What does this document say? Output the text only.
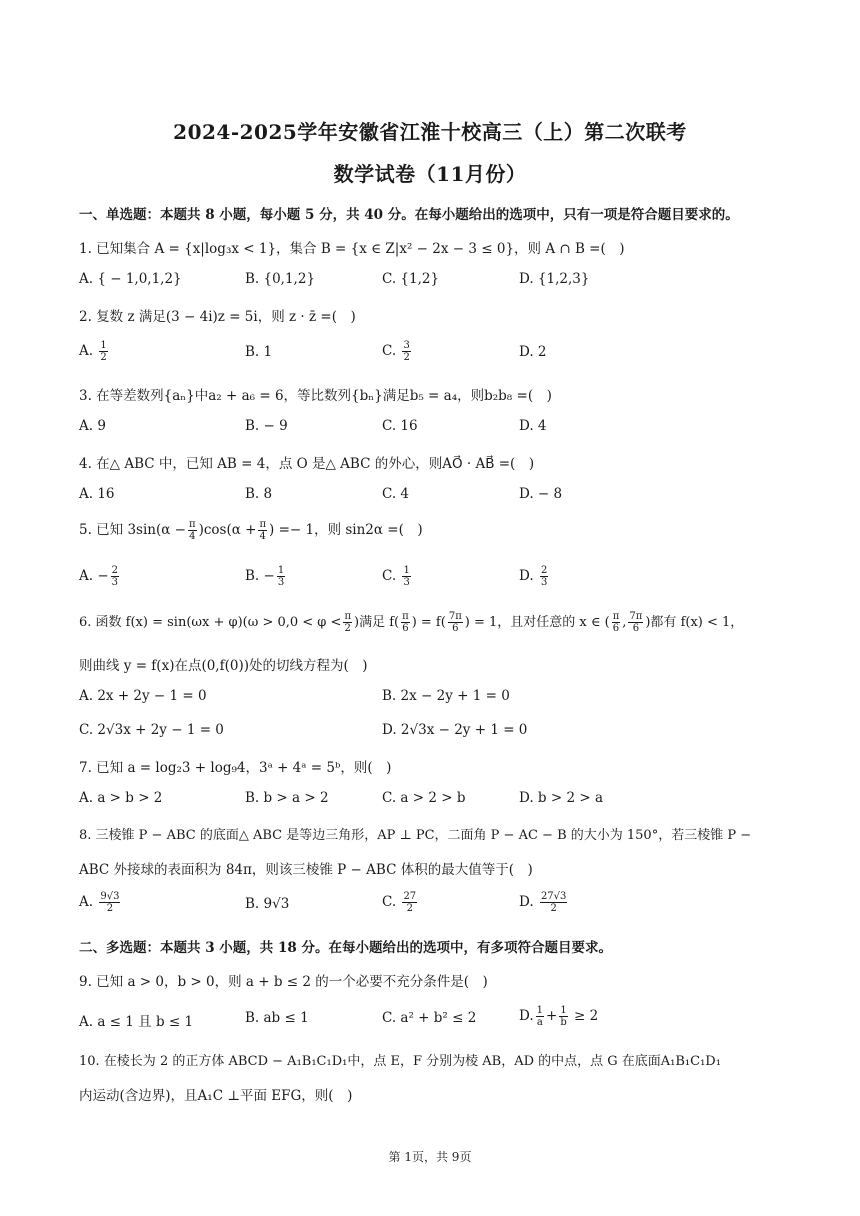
2024-2025学年安徽省江淮十校高三（上）第二次联考
数学试卷（11月份）
一、单选题：本题共 8 小题，每小题 5 分，共 40 分。在每小题给出的选项中，只有一项是符合题目要求的。
1. 已知集合 A = {x|log₃x < 1}，集合 B = {x ∈ Z|x² − 2x − 3 ≤ 0}，则 A ∩ B =(　)
A. { − 1,0,1,2}	B. {0,1,2}	C. {1,2}	D. {1,2,3}
2. 复数 z 满足(3 − 4i)z = 5i，则 z · z̄ =(　)
A. $\frac{1}{2}$	B. 1	C. $\frac{3}{2}$	D. 2
3. 在等差数列{aₙ}中a₂ + a₆ = 6，等比数列{bₙ}满足b₅ = a₄，则b₂b₈ =(　)
A. 9	B. − 9	C. 16	D. 4
4. 在△ ABC 中，已知 AB = 4，点 O 是△ ABC 的外心，则AO⃗ · AB⃗ =(　)
A. 16	B. 8	C. 4	D. − 8
5. 已知 $3\sin(\alpha - \frac{\pi}{4} )\cos(\alpha + \frac{\pi}{4}$ ) =− 1，则 sin2α =(　)
A. − $\frac{2}{3}$	B. − $\frac{1}{3}$	C. $\frac{1}{3}$	D. $\frac{2}{3}$
6. 函数 $f(x) = \sin(\omega x + \varphi)(\omega > 0,0 < \varphi < \frac{\pi}{2}$ )满足 $f( \frac{\pi}{6}$ ) = $f( \frac{7\pi}{6}$ ) = 1，且对任意的 x ∈ ( $\frac{\pi}{6}$ , $\frac{7\pi}{6}$ )都有 f(x) < 1，
则曲线 y = f(x)在点(0,f(0))处的切线方程为(　)
A. 2x + 2y − 1 = 0	B. 2x − 2y + 1 = 0
C. 2√3x + 2y − 1 = 0	D. 2√3x − 2y + 1 = 0
7. 已知 a = log₂3 + log₉4，3ᵃ + 4ᵃ = 5ᵇ，则(　)
A. a > b > 2	B. b > a > 2	C. a > 2 > b	D. b > 2 > a
8. 三棱锥 P − ABC 的底面△ ABC 是等边三角形，AP ⊥ PC，二面角 P − AC − B 的大小为 150°，若三棱锥 P −
ABC 外接球的表面积为 84π，则该三棱锥 P − ABC 体积的最大值等于(　)
A. $\frac{9√3}{2}$	B. 9√3	C. $\frac{27}{2}$	D. $\frac{27√3}{2}$
二、多选题：本题共 3 小题，共 18 分。在每小题给出的选项中，有多项符合题目要求。
9. 已知 a > 0，b > 0，则 a + b ≤ 2 的一个必要不充分条件是(　)
A. a ≤ 1 且 b ≤ 1	B. ab ≤ 1	C. a² + b² ≤ 2	D. $\frac{1}{a} + \frac{1}{b} \ge 2$
10. 在棱长为 2 的正方体 ABCD − A₁B₁C₁D₁中，点 E，F 分别为棱 AB，AD 的中点，点 G 在底面A₁B₁C₁D₁
内运动(含边界)，且A₁C ⊥平面 EFG，则(　)
第 1页，共 9页
